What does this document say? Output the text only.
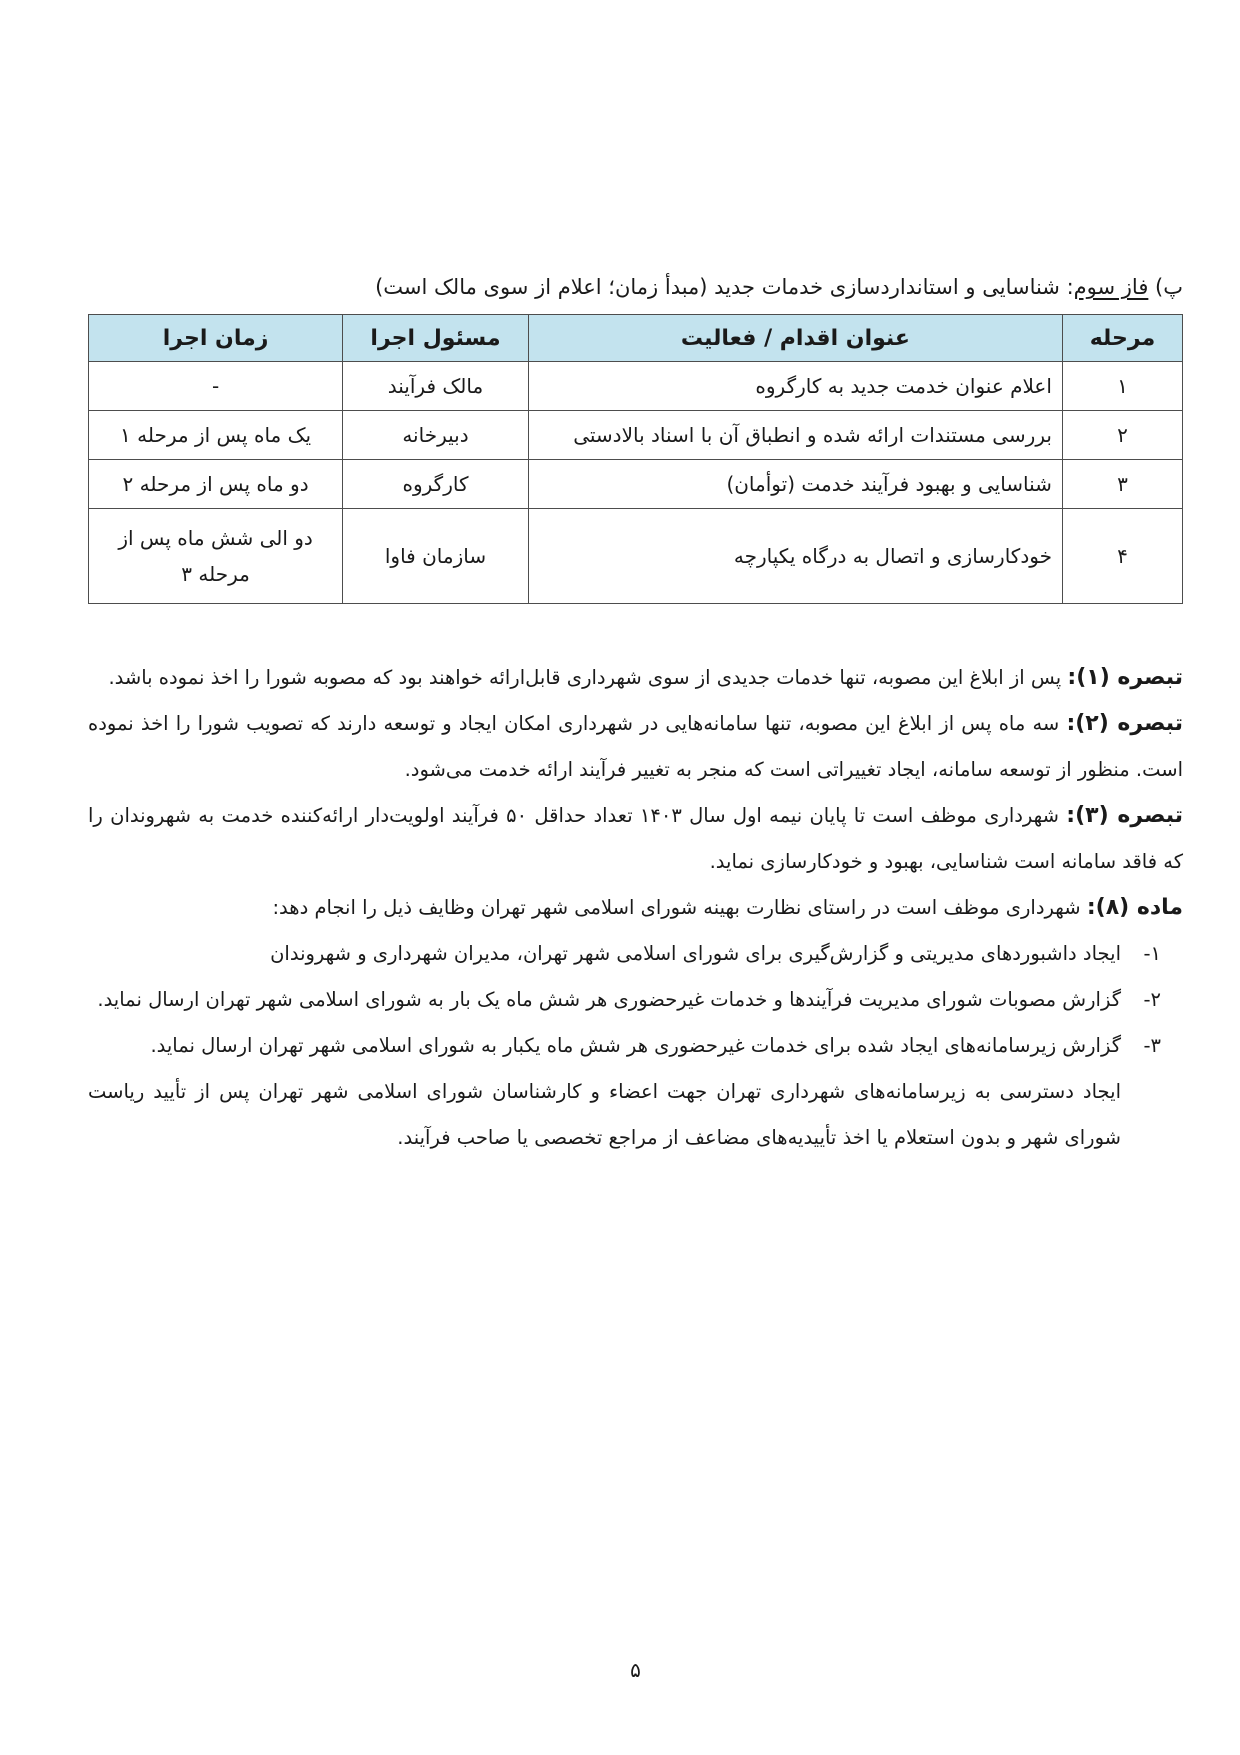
پ) فاز سوم: شناسایی و استانداردسازی خدمات جدید (مبدأ زمان؛ اعلام از سوی مالک است)
مرحله	عنوان اقدام / فعالیت	مسئول اجرا	زمان اجرا
۱	اعلام عنوان خدمت جدید به کارگروه	مالک فرآیند	-
۲	بررسی مستندات ارائه شده و انطباق آن با اسناد بالادستی	دبیرخانه	یک ماه پس از مرحله ۱
۳	شناسایی و بهبود فرآیند خدمت (توأمان)	کارگروه	دو ماه پس از مرحله ۲
۴	خودکارسازی و اتصال به درگاه یکپارچه	سازمان فاوا	دو الی شش ماه پس از
مرحله ۳

تبصره (۱): پس از ابلاغ این مصوبه، تنها خدمات جدیدی از سوی شهرداری قابل‌ارائه خواهند بود که مصوبه شورا را اخذ نموده باشد.

تبصره (۲): سه ماه پس از ابلاغ این مصوبه، تنها سامانه‌هایی در شهرداری امکان ایجاد و توسعه دارند که تصویب شورا را اخذ نموده است. منظور از توسعه سامانه، ایجاد تغییراتی است که منجر به تغییر فرآیند ارائه خدمت می‌شود.

تبصره (۳): شهرداری موظف است تا پایان نیمه اول سال ۱۴۰۳ تعداد حداقل ۵۰ فرآیند اولویت‌دار ارائه‌کننده خدمت به شهروندان را که فاقد سامانه است شناسایی، بهبود و خودکارسازی نماید.

ماده (۸): شهرداری موظف است در راستای نظارت بهینه شورای اسلامی شهر تهران وظایف ذیل را انجام دهد:

۱-
ایجاد داشبوردهای مدیریتی و گزارش‌گیری برای شورای اسلامی شهر تهران، مدیران شهرداری و شهروندان
۲-
گزارش مصوبات شورای مدیریت فرآیندها و خدمات غیرحضوری هر شش ماه یک بار به شورای اسلامی شهر تهران ارسال نماید.
۳-
گزارش زیرسامانه‌های ایجاد شده برای خدمات غیرحضوری هر شش ماه یکبار به شورای اسلامی شهر تهران ارسال نماید.

ایجاد دسترسی به زیرسامانه‌های شهرداری تهران جهت اعضاء و کارشناسان شورای اسلامی شهر تهران پس از تأیید ریاست شورای شهر و بدون استعلام یا اخذ تأییدیه‌های مضاعف از مراجع تخصصی یا صاحب فرآیند.

۵
